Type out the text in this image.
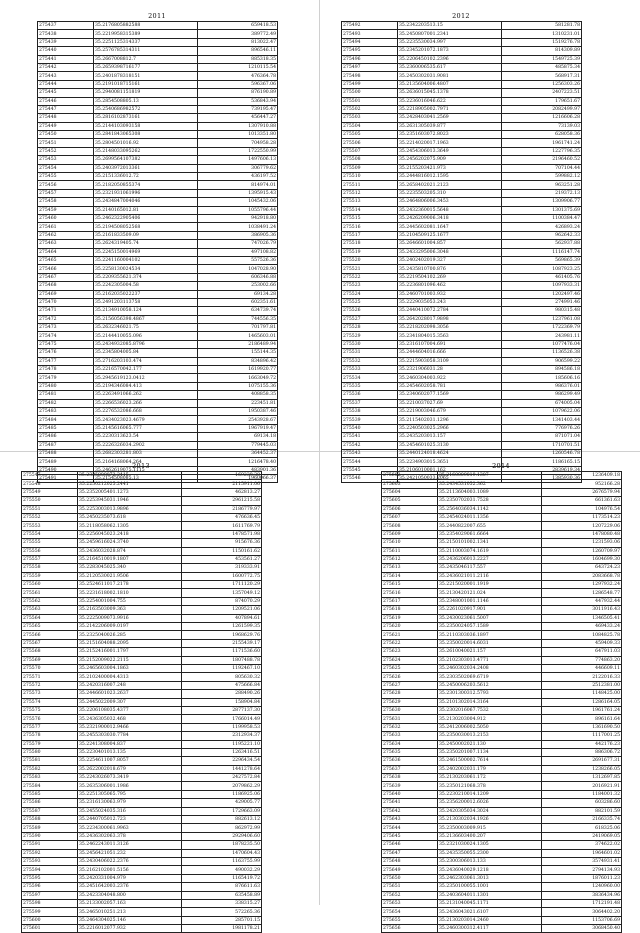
2011
275437	35.2176805882588	659418.53
275438	35.2219958315389	389772.49
275439	35.2251125314337	813022.47
275440	35.2576785314311	896546.11
275441	35.2667008812.7	885318.35
275442	35.2659398716177	1210115.54
275443	35.2401878318151	476364.78
275444	35.2191018715161	596367.06
275445	35.2940081151819	876190.89
275446	35.2854508805.13	536843.94
275447	35.2540686982572	739195.47
275448	35.2816102873161	456447.27
275449	35.2144103093158	1307910.88
275450	35.2841843065308	1013351.80
275451	35.2804501016.92	704958.28
275452	35.2148033095262	1722550.99
275453	35.2699564107382	1497606.13
275454	35.2403972013361	306779.62
275455	35.2151336012.72	436197.52
275456	35.2182050855374	814974.01
275457	35.2321931061996	1395915.43
275458	35.2434847004046	1045432.06
275459	35.2140165012.81	1055796.44
275460	35.2462322905406	942918.80
275461	35.2194508052568	1038491.24
275462	35.2161833509.09	386905.36
275463	35.2624319405.74	747026.79
275464	35.2245150014969	497108.82
275465	35.2241160004102	557526.36
275466	35.2258130024534	1047028.90
275467	35.2209355621.374	606346.88
275468	35.2242305004.58	253002.66
275469	35.2162035022237	69134.28
275470	35.2491203113758	602351.61
275471	35.2134910058.124	634739.74
275472	35.2156056398.4867	744556.35
275473	35.2632346021.75	701797.81
275474	35.2144410055.096	1465603.01
275475	35.2434932085.8796	2186489.94
275476	35.2345804005.84	155144.35
275477	35.2716203103.474	834896.42
275478	35.2216570042.177	1619920.77
275479	35.2945619123.0412	1663049.72
275480	35.2194346084.413	1075155.36
275481	35.2263491066.262	408858.35
275482	35.2266536023.266	223451.81
275483	35.2276532086.668	1950387.46
275484	35.2434023023.4679	2543928.67
275485	35.2145616065.777	1967919.47
275486	35.2230313623.54	69134.18
275487	35.2226326034.2902	779445.03
275488	35.2682303281.803	364452.37
275489	35.2164168064.264	1216478.40
275490	35.2462619075.1115	483901.36
275491	35.2154508085.13	1960066.37
2012
275492	35.2342203513.15	581281.78
275493	35.2450807001.2341	1310231.01
275494	35.2235530034.997	1519276.78
275495	35.2345201072.1873	814309.89
275496	35.2206450102.2396	1549725.39
275497	35.2360006535.617	485875.34
275498	35.2450302031.9081	568917.31
275499	35.2135604006.4807	1256303.26
275500	35.2636015045.1378	2407223.51
275501	35.2236016046.622	179651.67
275502	35.2218905002.7971	2082499.97
275503	35.2428403041.2569	1216606.28
275504	35.2631305039.877	73139.03
275505	35.2351603072.8023	628058.36
275506	35.2214020017.1963	1961741.24
275507	35.2454306013.3649	1227796.35
275508	35.2456202075.909	2196460.52
275509	35.2155203421.973	707104.44
275510	35.2444816012.1595	599882.12
275511	35.2658402021.2123	963251.28
275512	35.2235503205.310	219372.13
275513	35.2464806006.3453	1309906.77
275514	35.2432360015.5648	1301375.69
275515	35.2426209006.3418	1100384.47
275516	35.2445602081.1647	426893.24
275517	35.2104509125.1677	962642.33
275518	35.2646601004.857	562937.88
275519	35.2433295006.3048	1116147.74
275520	35.2402402019.327	569865.39
275521	35.2435810700.876	1087923.25
275522	35.2219504102.269	461405.76
275523	35.2236801096.462	1097933.31
275524	35.2460701003.932	1202497.46
275525	35.2229035053.243	274991.46
275526	35.2440410072.2784	980315.48
275527	35.2642028017.9898	1237961.08
275528	35.2218202098.3056	1722369.79
275529	35.2341804015.3563	243981.11
275530	35.2316107004.691	1077476.04
275531	35.2444604016.666	1136526.38
275532	35.2215903058.3109	906599.22
275533	35.2321906031.28	894586.18
275534	35.2460304003.922	185606.16
275535	35.2454602058.781	986376.01
275536	35.2340602077.1569	986299.49
275537	35.2210037027.69	674005.04
275538	35.2219003046.679	1079622.06
275539	35.2115402031.1296	1341403.44
275540	35.2240503025.2966	776976.26
275541	35.2435203013.157	871071.04
275542	35.2454601025.3130	1710701.51
275543	35.2440124018.4624	1260546.78
275544	35.2234903015.3651	1186165.15
275545	35.2106010001.162	2839619.34
275546	35.2421050033.2065	1385930.36
2013
275547	35.2325809072.2415	169239.38
275548	35.2250212025.2441	2115911.06
275549	35.2352005401.1273	462813.27
275550	35.2253945031.1946	2961215.58
275551	35.2253003013.9896	2186779.97
275552	35.2450235073.618	476636.45
275553	35.2118058062.1305	1611769.79
275554	35.2256045023.2418	1478571.98
275555	35.2459616024.3740	915676.36
275556	35.2436032028.874	1150161.62
275557	35.2164510019.1807	453561.27
275558	35.2283045025.340	319333.91
275559	35.2120530021.9506	1600772.75
275560	35.2524611017.2178	1711120.29
275561	35.2231618002.1810	1357049.12
275562	35.2254001004.755	874070.29
275563	35.2163503009.363	1209521.06
275564	35.2225009073.9916	407894.61
275565	35.2142206009.0197	1261599.35
275566	35.2325040026.285	1968629.76
275567	35.2151604088.2095	2155439.17
275568	35.2152416001.1797	1171536.60
275569	35.2152009022.2115	1807488.78
275570	35.2465603004.1863	1192467.10
275571	35.2102400004.4313	805630.32
275572	35.2420316007.248	475666.84
275573	35.2446601023.2637	288490.26
275574	35.2445022009.307	158904.84
275575	35.2206108035.4377	2877137.30
275576	35.2436305032.468	1766014.49
275577	35.2321900012.9466	1199958.53
275578	35.2455303030.7784	2312934.37
275579	35.2241308004.837	1195221.10
275580	35.2230401013.135	1263416.51
275581	35.2254611007.8057	2296434.54
275582	35.2622002018.679	1441278.64
275583	35.2243026073.3419	2427572.84
275584	35.2635306001.1986	2079862.29
275585	35.2251305065.795	1186925.06
275586	35.2316130063.979	429005.77
275587	35.2455024035.316	1729663.09
275588	35.2440705012.723	882613.12
275589	35.2234300061.9963	862972.99
275590	35.2436302063.378	2929406.60
275591	35.2462243011.3126	1878235.50
275592	35.2456421051.232	1470604.43
275593	35.2430406022.2376	1163755.99
275594	35.2162102001.5156	490032.29
275595	35.2420331004.979	1165419.72
275596	35.2451642003.2376	876611.63
275597	35.2423304048.800	635458.89
275598	35.2133002057.163	338315.27
275599	35.2465010251.213	572265.36
275600	35.2464304025.146	285701.15
275601	35.2216012077.932	1981178.21
2014
275602	35.2160009019.1307	1236409.18
275603	35.2434531052.362	952166.28
275604	35.2113604003.1089	2676579.94
275605	35.2350702031.7528	661361.63
275606	35.2564036034.1142	104976.54
275607	35.2454024011.1356	1173514.23
275608	35.2440822007.655	1207229.06
275609	35.2354029061.6664	1478080.48
275610	35.2150101002.1341	1231593.06
275611	35.2110003074.1619	1260709.97
275612	35.2436206013.2227	1604699.30
275613	35.2435046117.557	643724.23
275614	35.2436021011.2116	2083668.78
275615	35.2215020001.1919	1297932.24
275616	35.2130420121.024	1286548.77
275617	35.2348001001.1146	447932.44
275618	35.2261020917.901	3011916.43
275619	35.2430023061.5007	1346505.41
275620	35.2350024057.1589	469433.24
275621	35.2110303036.1897	1084825.78
275622	35.2350020014.6031	459409.33
275623	35.2610040021.157	647911.03
275624	35.2102303013.4771	774863.20
275625	35.2460302034.2408	446609.11
275626	35.2303502069.6719	2122016.33
275627	35.2450006203.5612	2512381.00
275628	35.2301300312.5793	1148425.00
275629	35.2101302014.3164	1286164.05
275630	35.2302016067.7532	1961761.24
275631	35.2130203004.912	896161.64
275632	35.2412006002.5050	1361690.50
275633	35.2350030013.2153	1117001.25
275634	35.2450002021.130	442176.23
275635	35.2350201007.1134	886306.72
275636	35.2461500002.7614	2691677.31
275637	35.2402002031.179	1238266.05
275638	35.2130203061.172	1312697.85
275639	35.2350121068.378	2016921.91
275640	35.2230210014.1209	1184001.32
275641	35.2356200012.6026	603286.60
275642	35.2420305034.3024	882101.59
275643	35.2130302034.1926	2166335.74
275644	35.2350003009.915	618325.06
275645	35.2136603400.207	2419069.05
275646	35.2321030024.1305	374622.02
275647	35.2435350055.2300	1964601.02
275648	35.2300306013.133	3574931.41
275649	35.2436040029.1218	2794134.93
275650	35.2462303061.3013	1876011.23
275651	35.2350100055.1001	1240960.00
275652	35.2403604011.1301	3836434.96
275653	35.2131040045.1171	1712191.48
275654	35.2436043021.6107	3064402.20
275655	35.2130203014.2460	1153706.69
275656	35.2460300312.4117	3068450.40
